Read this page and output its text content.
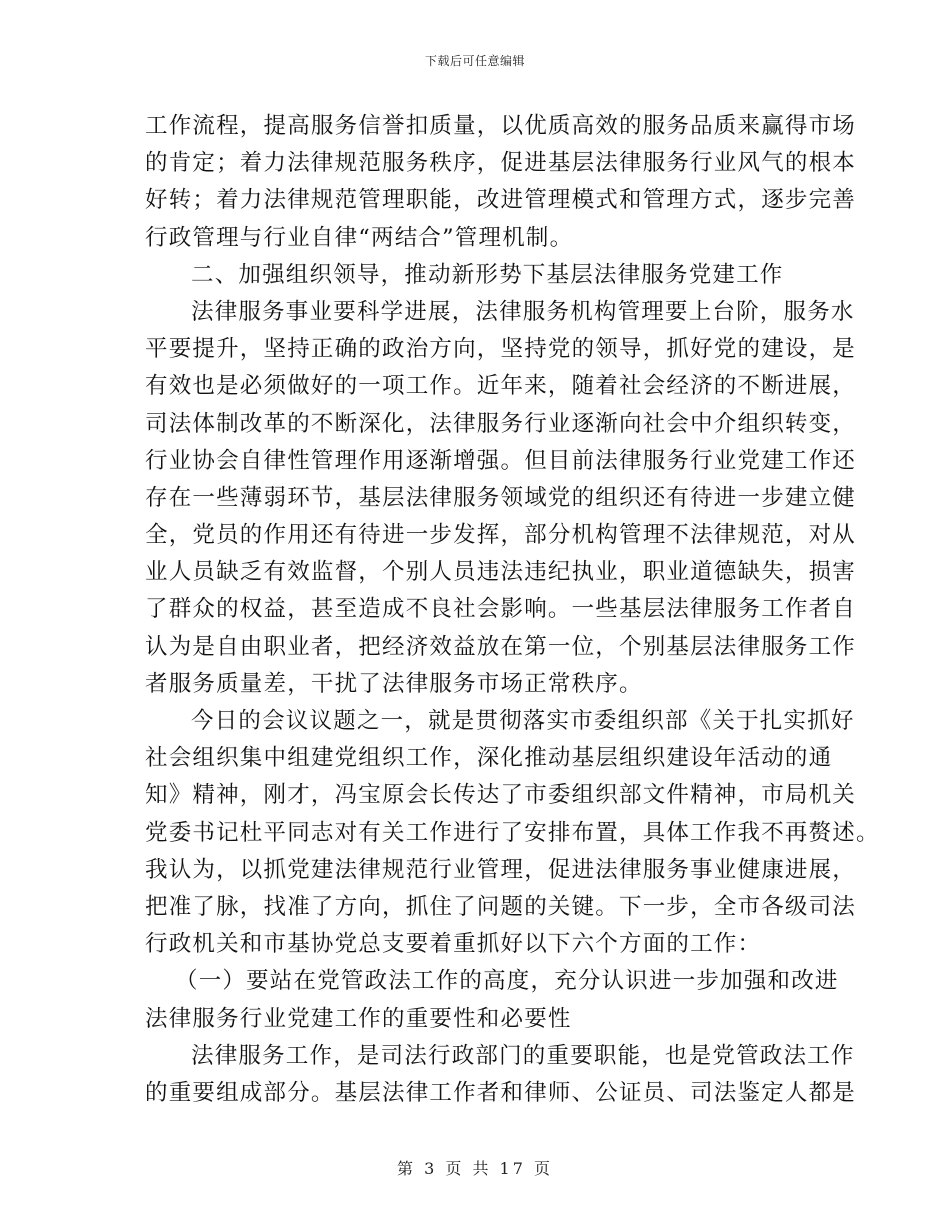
下载后可任意编辑
工作流程，提高服务信誉扣质量，以优质高效的服务品质来赢得市场
的肯定；着力法律规范服务秩序，促进基层法律服务行业风气的根本
好转；着力法律规范管理职能，改进管理模式和管理方式，逐步完善
行政管理与行业自律“两结合”管理机制。
二、加强组织领导，推动新形势下基层法律服务党建工作
法律服务事业要科学进展，法律服务机构管理要上台阶，服务水
平要提升，坚持正确的政治方向，坚持党的领导，抓好党的建设，是
有效也是必须做好的一项工作。近年来，随着社会经济的不断进展，
司法体制改革的不断深化，法律服务行业逐渐向社会中介组织转变，
行业协会自律性管理作用逐渐增强。但目前法律服务行业党建工作还
存在一些薄弱环节，基层法律服务领域党的组织还有待进一步建立健
全，党员的作用还有待进一步发挥，部分机构管理不法律规范，对从
业人员缺乏有效监督，个别人员违法违纪执业，职业道德缺失，损害
了群众的权益，甚至造成不良社会影响。一些基层法律服务工作者自
认为是自由职业者，把经济效益放在第一位，个别基层法律服务工作
者服务质量差，干扰了法律服务市场正常秩序。
今日的会议议题之一，就是贯彻落实市委组织部《关于扎实抓好
社会组织集中组建党组织工作，深化推动基层组织建设年活动的通
知》精神，刚才，冯宝原会长传达了市委组织部文件精神，市局机关
党委书记杜平同志对有关工作进行了安排布置，具体工作我不再赘述。
我认为，以抓党建法律规范行业管理，促进法律服务事业健康进展，
把准了脉，找准了方向，抓住了问题的关键。下一步，全市各级司法
行政机关和市基协党总支要着重抓好以下六个方面的工作：
（一）要站在党管政法工作的高度，充分认识进一步加强和改进
法律服务行业党建工作的重要性和必要性
法律服务工作，是司法行政部门的重要职能，也是党管政法工作
的重要组成部分。基层法律工作者和律师、公证员、司法鉴定人都是
第 3 页 共 17 页
